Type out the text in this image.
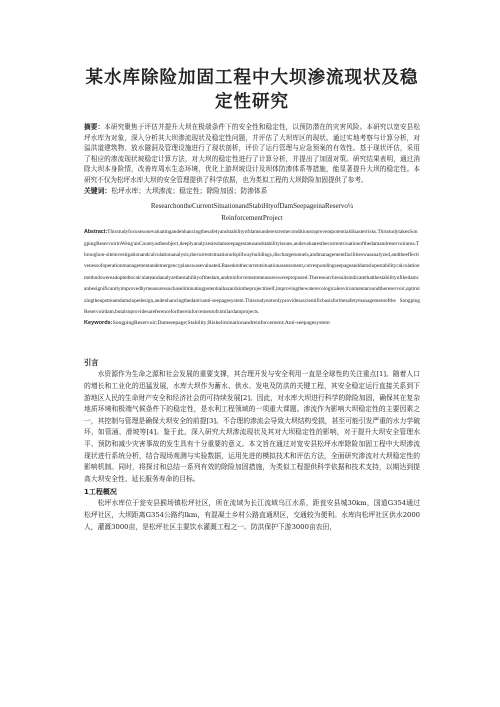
某水库除险加固工程中大坝渗流现状及稳定性研究

摘要：本研究聚焦于评估并提升大坝在极端条件下的安全性和稳定性，以预防潜在的灾害风险。本研究以宽安县松坪水库为对象，深入分析其大坝渗流现状及稳定性问题，并评估了大坝库区的现状。通过实地考察与计算分析，对溢洪道建筑物、放水隧洞及管理设施进行了现状剖析，评价了运行管理与应急预案的有效性。基于现状评估，采用了相应的渗流现状坡稳定计算方法，对大坝的稳定性进行了计算分析，并提出了加固对策。研究结果表明，通过消除大坝本身险情，改善库周水生态环境，优化上游坝坡设计及坝体防渗体系等措施，能显著提升大坝的稳定性。本研究不仅为松坪水库大坝的安全管理提供了科学依据，也为类似工程的大坝除险加固提供了参考。

关键词：松坪水库；大坝渗流；稳定性；除险加固；防渗体系

ResearchontheCurrentSituationandStabiHtyofDamSeepageinaReservo¼
ReinforcementProject

Abstract:Thisstudyfocusesonevaluatingandenhancingthesafetyandstabilityofdamsunderextremeconditionstopreventpotentialdisasterrisks.ThisstudytakesSongpingReservoirinWeng'anCountyastheobject,deeplyanalyzesitsdamseepagestatusandstabilityissues,andevaluatesthecurrents\uationofthedamandreservoirarea.Throughon-siteinvestigationandcalculationanalysis,thecurrentsituationofspillwaybuildings,dischargetunnels,andmanagementfacilitieswasanalyzed,andtheeffectivenessofoperationmanagementandemergencyplanswasevaluated.Basedonthecurrentsituationassessment,correspondingseepageanddamslopestabilitycalculationmethodswereadoptedtocalculateandanalyzethestabilityofthedam,andreinforcementmeasureswereproposed.Theresearchresultsindicatethatthestabilityofthedamcanbesignificantlyimprovedbymeasuressuchaseliminatingpotentialhazardsintheprojectitself,improvingthewaterecologicalenvironmentaroundthereservoir,optimizingtheupstreamdamslopedesign,andenhancingthedam'santi-seepagesystem.Thisstudynotonlyprovidesascientificbasisforthesafetymanagementofthe SongpingReservoirdam,butalsoprovidesareferenceforthereinforcementofsimilardamprojects.

Keywords:SongpingReservoir;Damseepage;Stability;Riskeliminationandreinforcement;Anti-seepagesystem

引言

水资源作为生命之源和社会发展的重要支撑，其合理开发与安全利用一直是全球性的关注重点[1]。随着人口的增长和工业化的迅猛发展，水库大坝作为蓄水、供水、发电及防洪的关键工程，其安全稳定运行直接关系到下游地区人民的生命财产安全和经济社会的可持续发展[2]。因此，对水库大坝进行科学的除险加固，确保其在复杂地质环境和极端气候条件下的稳定性，是水利工程领域的一项重大课题。渗流作为影响大坝稳定性的主要因素之一，其控制与管理是确保大坝安全的前提[3]。不合理的渗流会导致大坝结构受损，甚至可能引发严重的水力学破坏，如管涌、滑坡等[4]。鉴于此，深入研究大坝渗流现状及其对大坝稳定性的影响，对于提升大坝安全管理水平、预防和减少灾害事故的发生具有十分重要的意义。本文旨在通过对宽安县松坪水库除险加固工程中大坝渗流现状进行系统分析，结合现场观测与实验数据，运用先进的模拟技术和评估方法，全面研究渗流对大坝稳定性的影响机制。同时，将探讨和总结一系列有效的除险加固措施，为类似工程提供科学依据和技术支持，以期达到提高大坝安全性、延长服务寿命的目标。

1工程概况

松坪水库位于瓮安县猴场镇松坪社区，所在流域为长江流域乌江水系，距瓮安县城30km，国道G354通过松坪社区，大坝距离G354公路约lkm，有混凝土乡村公路直通坝区，交通较为便利。水库向松坪社区供水2000人，灌溉3000亩，是松坪社区主要饮水灌溉工程之一。防洪保护下游3000亩农田，
